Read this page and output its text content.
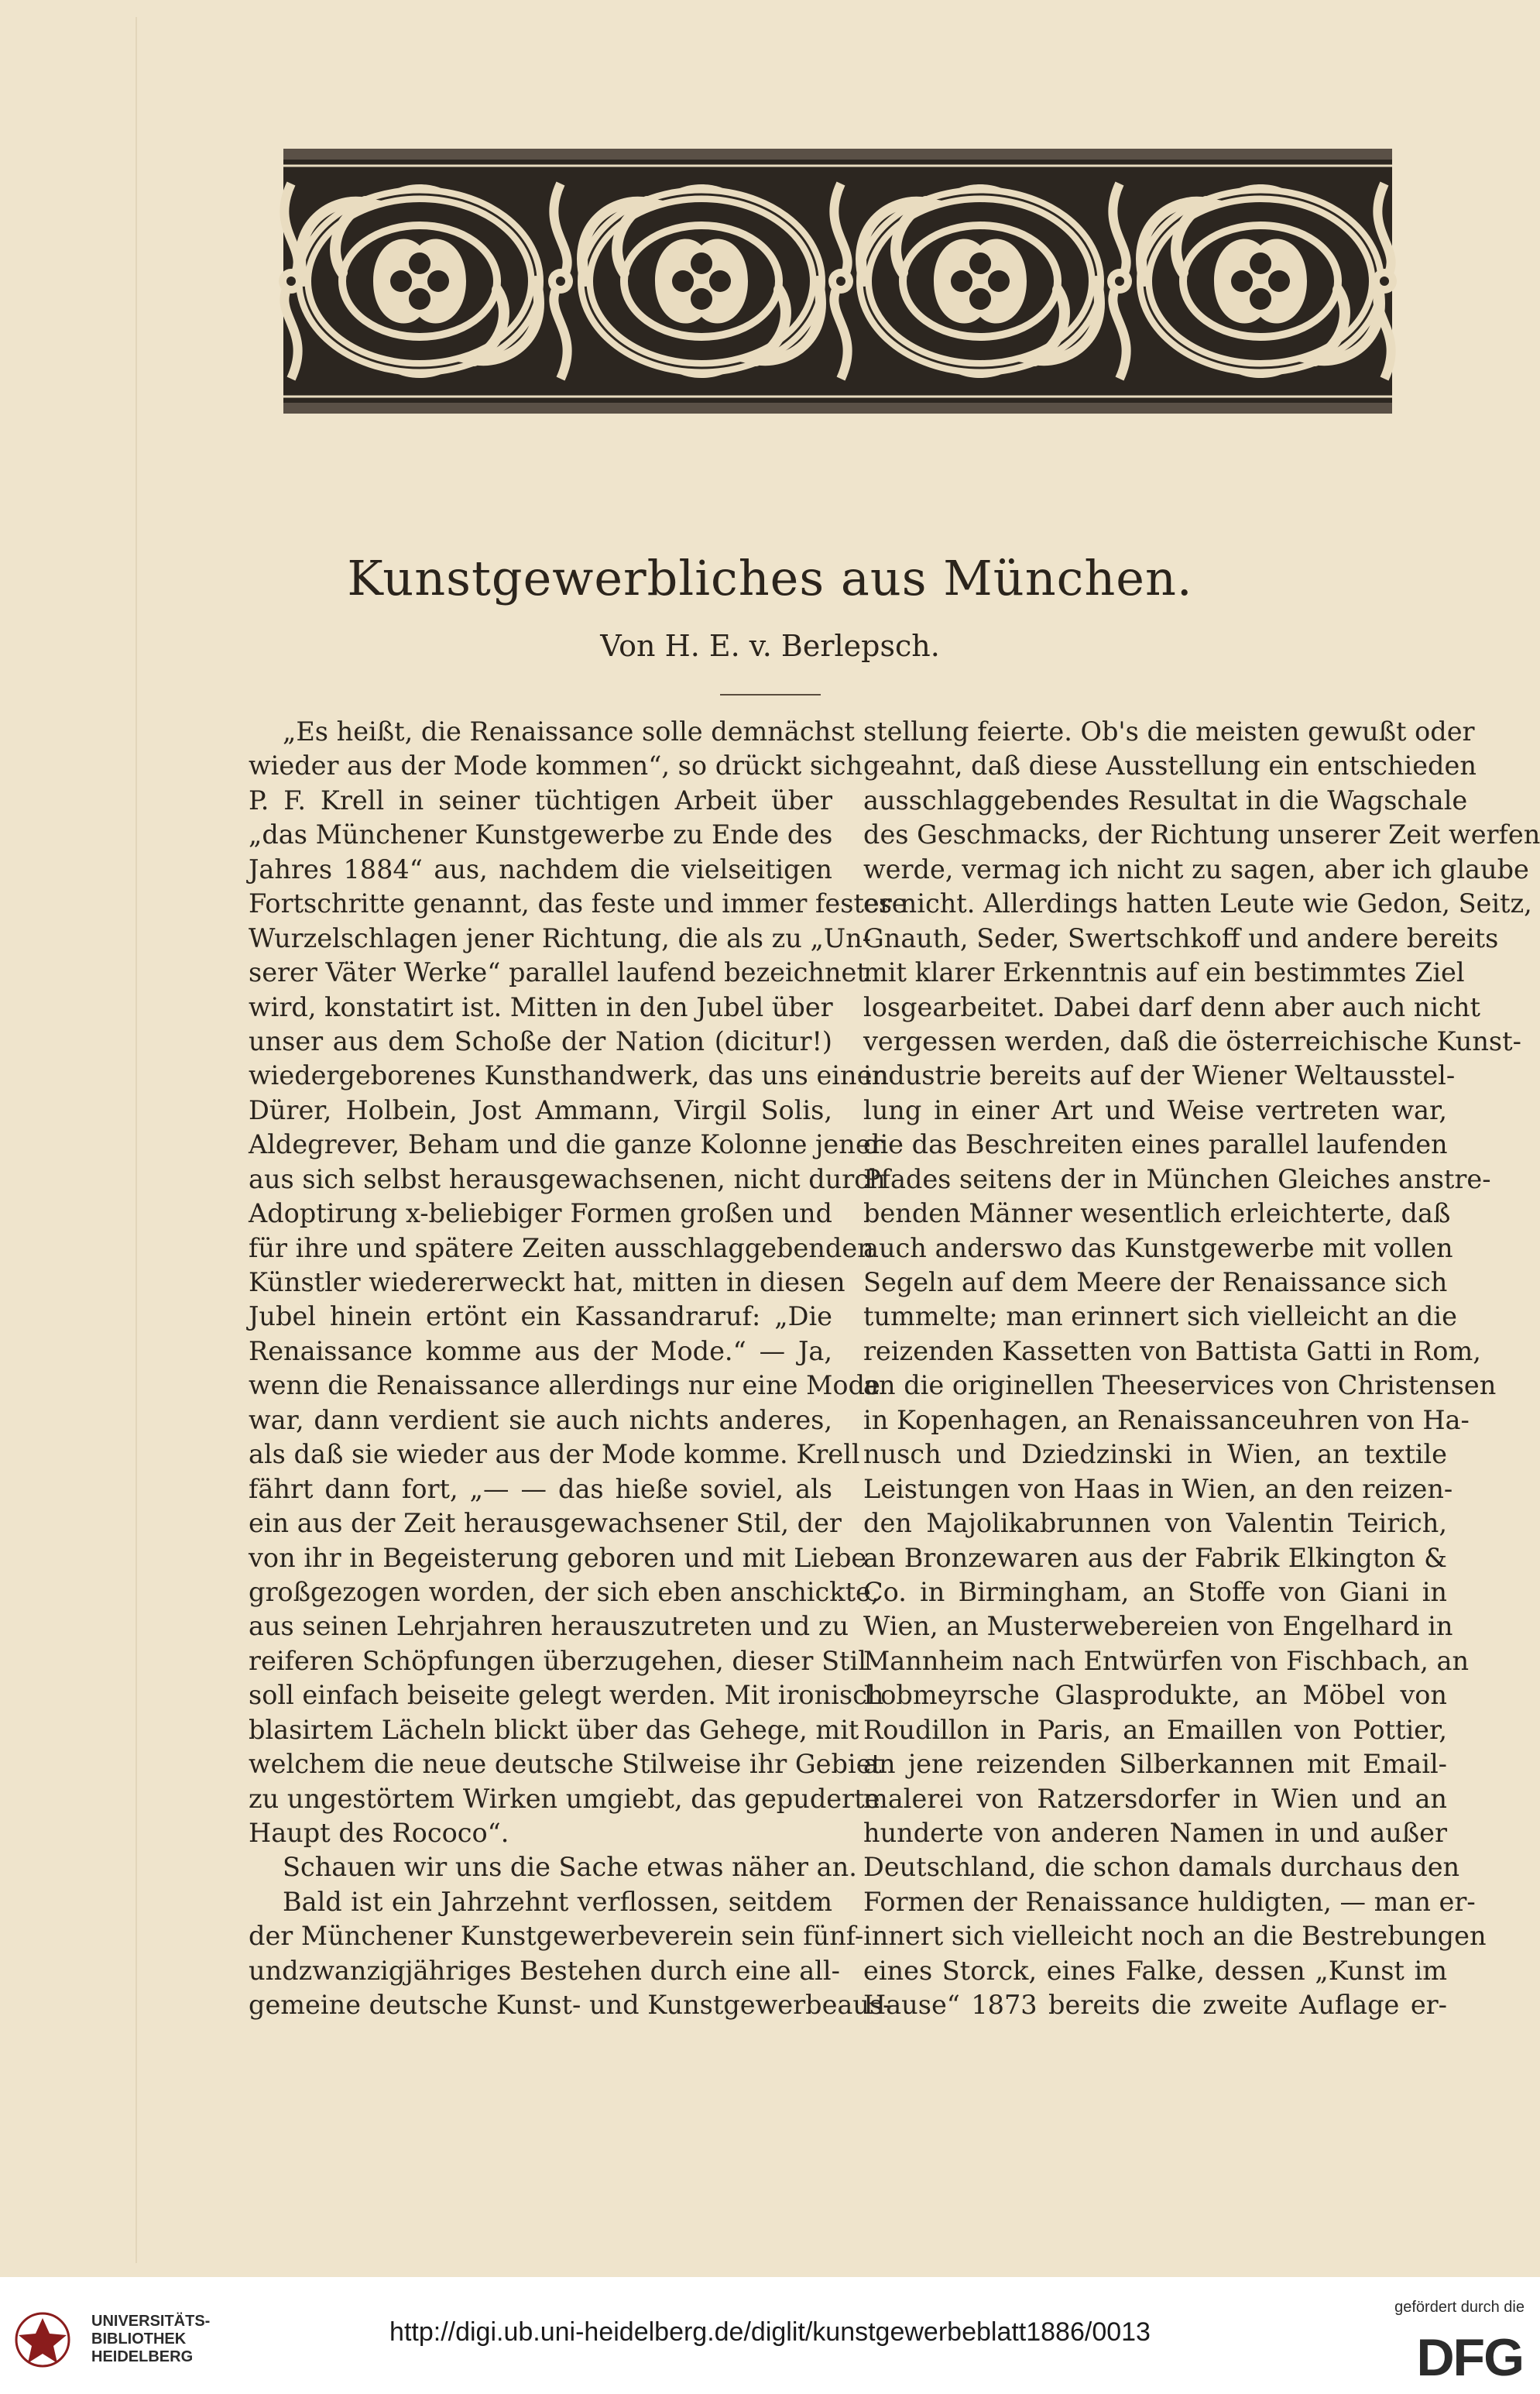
Kunstgewerbliches aus München.
Von H. E. v. Berlepsch.
„Es heißt, die Renaissance solle demnächst
wieder aus der Mode kommen“, so drückt sich
P. F. Krell in seiner tüchtigen Arbeit über
„das Münchener Kunstgewerbe zu Ende des
Jahres 1884“ aus, nachdem die vielseitigen
Fortschritte genannt, das feste und immer festere
Wurzelschlagen jener Richtung, die als zu „Un-
serer Väter Werke“ parallel laufend bezeichnet
wird, konstatirt ist. Mitten in den Jubel über
unser aus dem Schoße der Nation (dicitur!)
wiedergeborenes Kunsthandwerk, das uns einen
Dürer, Holbein, Jost Ammann, Virgil Solis,
Aldegrever, Beham und die ganze Kolonne jener
aus sich selbst herausgewachsenen, nicht durch
Adoptirung x-beliebiger Formen großen und
für ihre und spätere Zeiten ausschlaggebenden
Künstler wiedererweckt hat, mitten in diesen
Jubel hinein ertönt ein Kassandraruf: „Die
Renaissance komme aus der Mode.“ — Ja,
wenn die Renaissance allerdings nur eine Mode
war, dann verdient sie auch nichts anderes,
als daß sie wieder aus der Mode komme. Krell
fährt dann fort, „— — das hieße soviel, als
ein aus der Zeit herausgewachsener Stil, der
von ihr in Begeisterung geboren und mit Liebe
großgezogen worden, der sich eben anschickte,
aus seinen Lehrjahren herauszutreten und zu
reiferen Schöpfungen überzugehen, dieser Stil
soll einfach beiseite gelegt werden. Mit ironisch
blasirtem Lächeln blickt über das Gehege, mit
welchem die neue deutsche Stilweise ihr Gebiet
zu ungestörtem Wirken umgiebt, das gepuderte
Haupt des Rococo“.
Schauen wir uns die Sache etwas näher an.
Bald ist ein Jahrzehnt verflossen, seitdem
der Münchener Kunstgewerbeverein sein fünf-
undzwanzigjähriges Bestehen durch eine all-
gemeine deutsche Kunst- und Kunstgewerbeaus-
stellung feierte. Ob's die meisten gewußt oder
geahnt, daß diese Ausstellung ein entschieden
ausschlaggebendes Resultat in die Wagschale
des Geschmacks, der Richtung unserer Zeit werfen
werde, vermag ich nicht zu sagen, aber ich glaube
es nicht. Allerdings hatten Leute wie Gedon, Seitz,
Gnauth, Seder, Swertschkoff und andere bereits
mit klarer Erkenntnis auf ein bestimmtes Ziel
losgearbeitet. Dabei darf denn aber auch nicht
vergessen werden, daß die österreichische Kunst-
industrie bereits auf der Wiener Weltausstel-
lung in einer Art und Weise vertreten war,
die das Beschreiten eines parallel laufenden
Pfades seitens der in München Gleiches anstre-
benden Männer wesentlich erleichterte, daß
auch anderswo das Kunstgewerbe mit vollen
Segeln auf dem Meere der Renaissance sich
tummelte; man erinnert sich vielleicht an die
reizenden Kassetten von Battista Gatti in Rom,
an die originellen Theeservices von Christensen
in Kopenhagen, an Renaissanceuhren von Ha-
nusch und Dziedzinski in Wien, an textile
Leistungen von Haas in Wien, an den reizen-
den Majolikabrunnen von Valentin Teirich,
an Bronzewaren aus der Fabrik Elkington &
Co. in Birmingham, an Stoffe von Giani in
Wien, an Musterwebereien von Engelhard in
Mannheim nach Entwürfen von Fischbach, an
Lobmeyrsche Glasprodukte, an Möbel von
Roudillon in Paris, an Emaillen von Pottier,
an jene reizenden Silberkannen mit Email-
malerei von Ratzersdorfer in Wien und an
hunderte von anderen Namen in und außer
Deutschland, die schon damals durchaus den
Formen der Renaissance huldigten, — man er-
innert sich vielleicht noch an die Bestrebungen
eines Storck, eines Falke, dessen „Kunst im
Hause“ 1873 bereits die zweite Auflage er-
UNIVERSITÄTS-
BIBLIOTHEK
HEIDELBERG
http://digi.ub.uni-heidelberg.de/diglit/kunstgewerbeblatt1886/0013
gefördert durch die
DFG
